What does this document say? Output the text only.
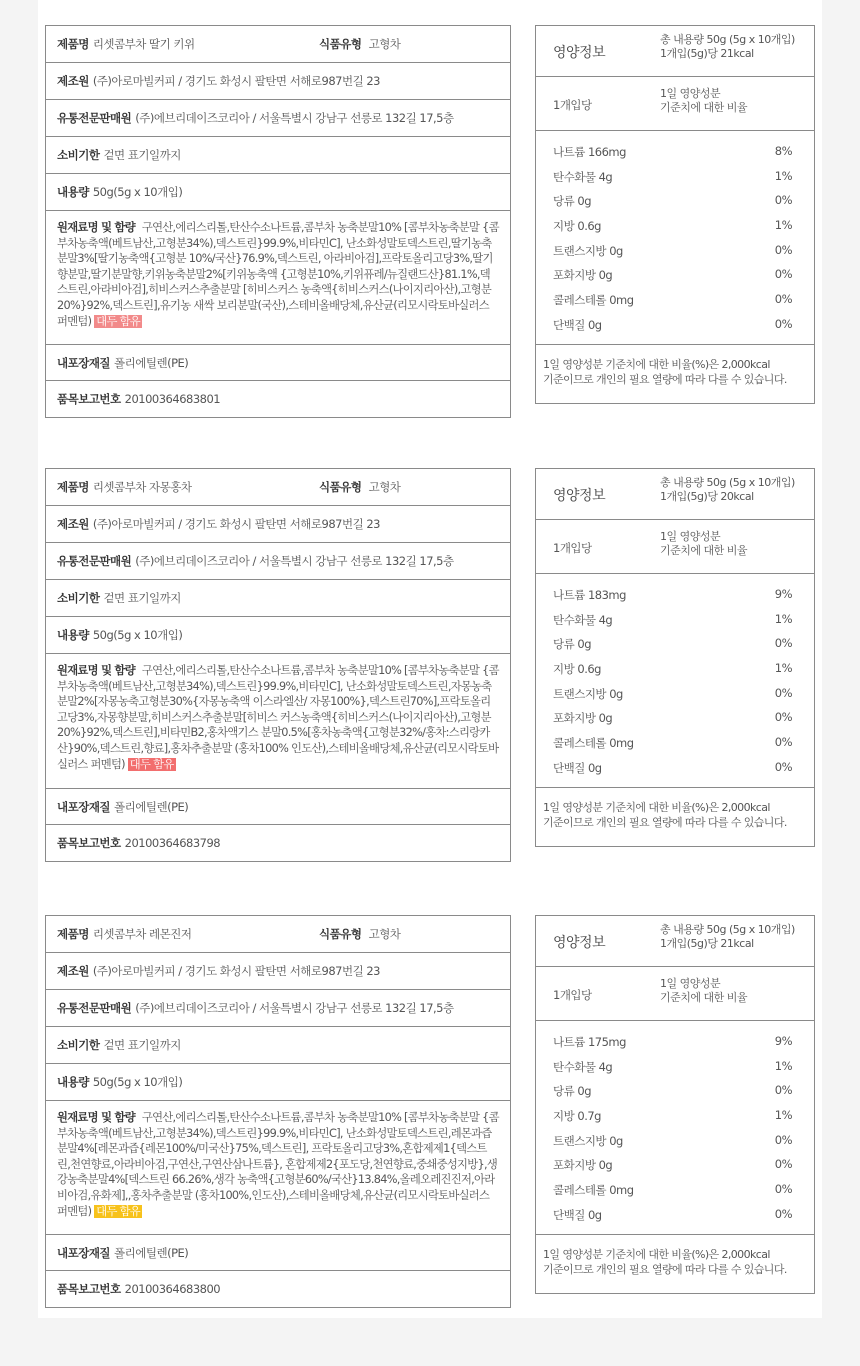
제품명 리셋콤부차 딸기 키위	식품유형 고형차
제조원 (주)아로마빌커피 / 경기도 화성시 팔탄면 서해로987번길 23
유통전문판매원 (주)에브리데이즈코리아 / 서울특별시 강남구 선릉로 132길 17,5층
소비기한 겉면 표기일까지
내용량 50g(5g x 10개입)
원재료명 및 함량 구연산,에리스리톨,탄산수소나트륨,콤부차 농축분말10% [콤부차농축분말 {콤부차농축액(베트남산,고형분34%),덱스트린}99.9%,비타민C], 난소화성말토덱스트린,딸기농축분말3%[딸기농축액{고형분 10%/국산}76.9%,덱스트린, 아라비아검],프락토올리고당3%,딸기향분말,딸기분말향,키위농축분말2%[키위농축액 {고형분10%,키위퓨레/뉴질랜드산}81.1%,덱스트린,아라비아검],히비스커스추출분말 [히비스커스 농축액{히비스커스(나이지리아산),고형분20%}92%,덱스트린],유기농 새싹 보리분말(국산),스테비올배당체,유산균(리모시락토바실러스 퍼멘텀) 대두 함유
내포장재질 폴리에틸렌(PE)
품목보고번호 20100364683801
영양정보
총 내용량 50g (5g x 10개입)
1개입(5g)당 21kcal
1개입당
1일 영양성분
기준치에 대한 비율
나트륨 166mg	8%
탄수화물 4g	1%
당류 0g	0%
지방 0.6g	1%
트랜스지방 0g	0%
포화지방 0g	0%
콜레스테롤 0mg	0%
단백질 0g	0%
1일 영양성분 기준치에 대한 비율(%)은 2,000kcal
기준이므로 개인의 필요 열량에 따라 다를 수 있습니다.
제품명 리셋콤부차 자몽홍차	식품유형 고형차
제조원 (주)아로마빌커피 / 경기도 화성시 팔탄면 서해로987번길 23
유통전문판매원 (주)에브리데이즈코리아 / 서울특별시 강남구 선릉로 132길 17,5층
소비기한 겉면 표기일까지
내용량 50g(5g x 10개입)
원재료명 및 함량 구연산,에리스리톨,탄산수소나트륨,콤부차 농축분말10% [콤부차농축분말 {콤부차농축액(베트남산,고형분34%),덱스트린}99.9%,비타민C], 난소화성말토덱스트린,자몽농축분말2%[자몽농축고형분30%{자몽농축액 이스라엘산/ 자몽100%},덱스트린70%],프락토올리고당3%,자몽향분말,히비스커스추출분말[히비스 커스농축액{히비스커스(나이지리아산),고형분20%}92%,덱스트린],비타민B2,홍차액기스 분말0.5%[홍차농축액{고형분32%/홍차:스리랑카산}90%,덱스트린,향료],홍차추출분말 (홍차100% 인도산),스테비올배당체,유산균(리모시락토바실러스 퍼멘텀) 대두 함유
내포장재질 폴리에틸렌(PE)
품목보고번호 20100364683798
영양정보
총 내용량 50g (5g x 10개입)
1개입(5g)당 20kcal
1개입당
1일 영양성분
기준치에 대한 비율
나트륨 183mg	9%
탄수화물 4g	1%
당류 0g	0%
지방 0.6g	1%
트랜스지방 0g	0%
포화지방 0g	0%
콜레스테롤 0mg	0%
단백질 0g	0%
1일 영양성분 기준치에 대한 비율(%)은 2,000kcal
기준이므로 개인의 필요 열량에 따라 다를 수 있습니다.
제품명 리셋콤부차 레몬진저	식품유형 고형차
제조원 (주)아로마빌커피 / 경기도 화성시 팔탄면 서해로987번길 23
유통전문판매원 (주)에브리데이즈코리아 / 서울특별시 강남구 선릉로 132길 17,5층
소비기한 겉면 표기일까지
내용량 50g(5g x 10개입)
원재료명 및 함량 구연산,에리스리톨,탄산수소나트륨,콤부차 농축분말10% [콤부차농축분말 {콤부차농축액(베트남산,고형분34%),덱스트린}99.9%,비타민C], 난소화성말토덱스트린,레몬과즙분말4%[레몬과즙{레몬100%/미국산}75%,덱스트린], 프락토올리고당3%,혼합제제1{덱스트린,천연향료,아라비아검,구연산,구연산삼나트륨}, 혼합제제2{포도당,천연향료,중쇄중성지방},생강농축분말4%[덱스트린 66.26%,생각 농축액{고형분60%/국산}13.84%,올레오레진진저,아라비아검,유화제],,홍차추출분말 (홍차100%,인도산),스테비올배당체,유산균(리모시락토바실러스 퍼멘텀) 대두 함유
내포장재질 폴리에틸렌(PE)
품목보고번호 20100364683800
영양정보
총 내용량 50g (5g x 10개입)
1개입(5g)당 21kcal
1개입당
1일 영양성분
기준치에 대한 비율
나트륨 175mg	9%
탄수화물 4g	1%
당류 0g	0%
지방 0.7g	1%
트랜스지방 0g	0%
포화지방 0g	0%
콜레스테롤 0mg	0%
단백질 0g	0%
1일 영양성분 기준치에 대한 비율(%)은 2,000kcal
기준이므로 개인의 필요 열량에 따라 다를 수 있습니다.
